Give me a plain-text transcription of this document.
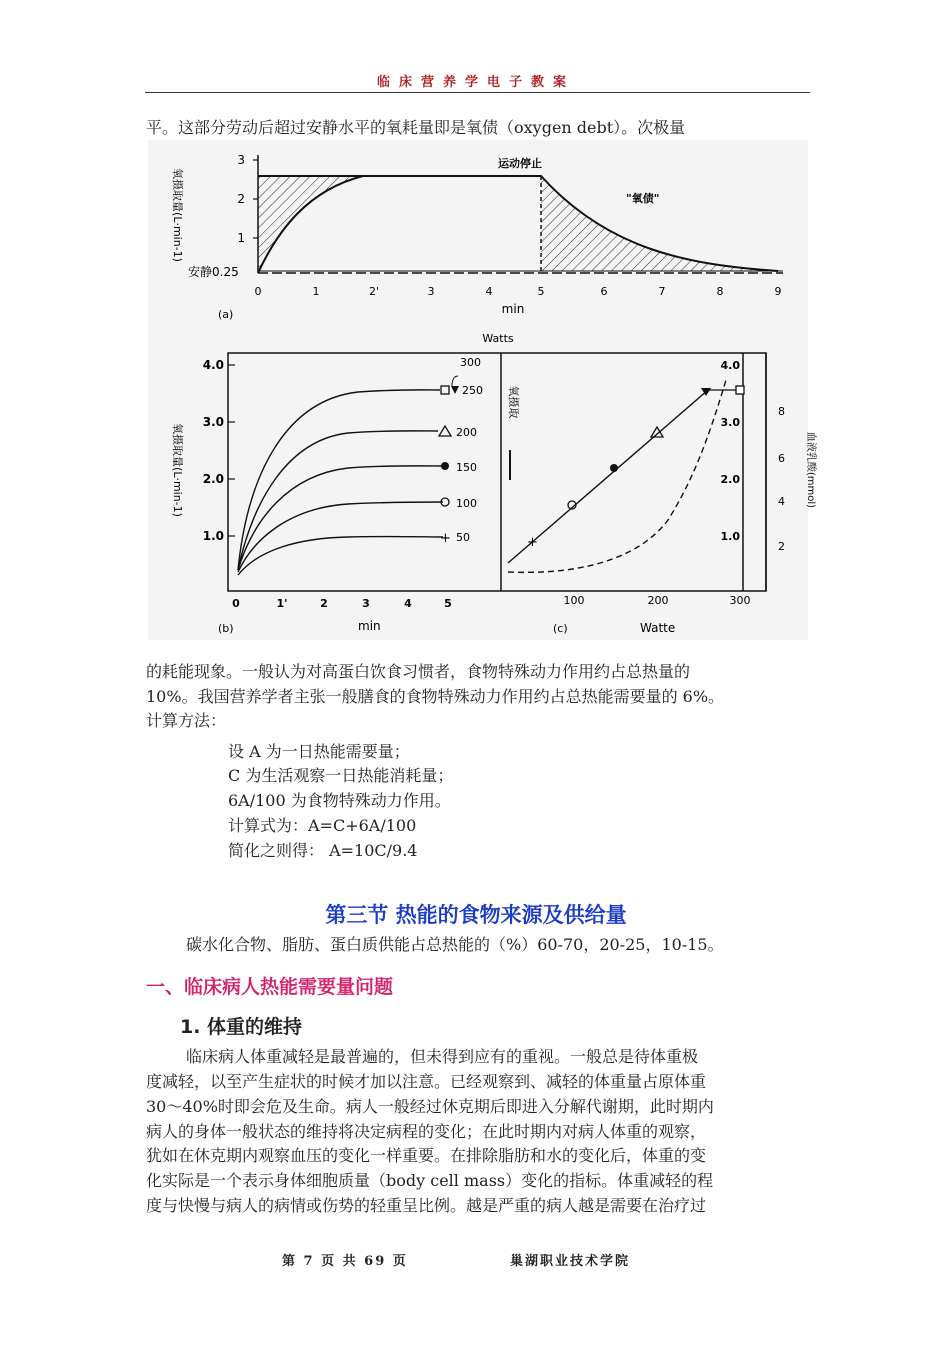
临床营养学电子教案
平。这部分劳动后超过安静水平的氧耗量即是氧债（oxygen debt）。次极量
3
2
1
安静0.25
0	1	2'	3	4	5	6	7	8	9
min
(a)
运动停止
"氧债"
氧摄取量(L·min-1)
Watts
4.0
3.0
2.0
1.0
氧摄取量(L·min-1)
300
250
200
150
100
+ 50
0	1'	2	3	4	5
(b)	min
氧摄取
+
100	200	300
(c)	Watte
4.0
3.0
2.0
1.0
8
6
4
2
血液乳酸(mmol)
的耗能现象。一般认为对高蛋白饮食习惯者，食物特殊动力作用约占总热量的
10%。我国营养学者主张一般膳食的食物特殊动力作用约占总热能需要量的 6%。
计算方法：
设 A 为一日热能需要量；
C 为生活观察一日热能消耗量；
6A/100 为食物特殊动力作用。
计算式为：A=C+6A/100
简化之则得： A=10C/9.4
第三节 热能的食物来源及供给量
碳水化合物、脂肪、蛋白质供能占总热能的（%）60-70，20-25，10-15。
一、临床病人热能需要量问题
1. 体重的维持
临床病人体重减轻是最普遍的，但未得到应有的重视。一般总是待体重极
度减轻，以至产生症状的时候才加以注意。已经观察到、减轻的体重量占原体重
30～40%时即会危及生命。病人一般经过休克期后即进入分解代谢期，此时期内
病人的身体一般状态的维持将决定病程的变化；在此时期内对病人体重的观察，
犹如在休克期内观察血压的变化一样重要。在排除脂肪和水的变化后，体重的变
化实际是一个表示身体细胞质量（body cell mass）变化的指标。体重减轻的程
度与快慢与病人的病情或伤势的轻重呈比例。越是严重的病人越是需要在治疗过
第 7 页 共 69 页	巢湖职业技术学院
